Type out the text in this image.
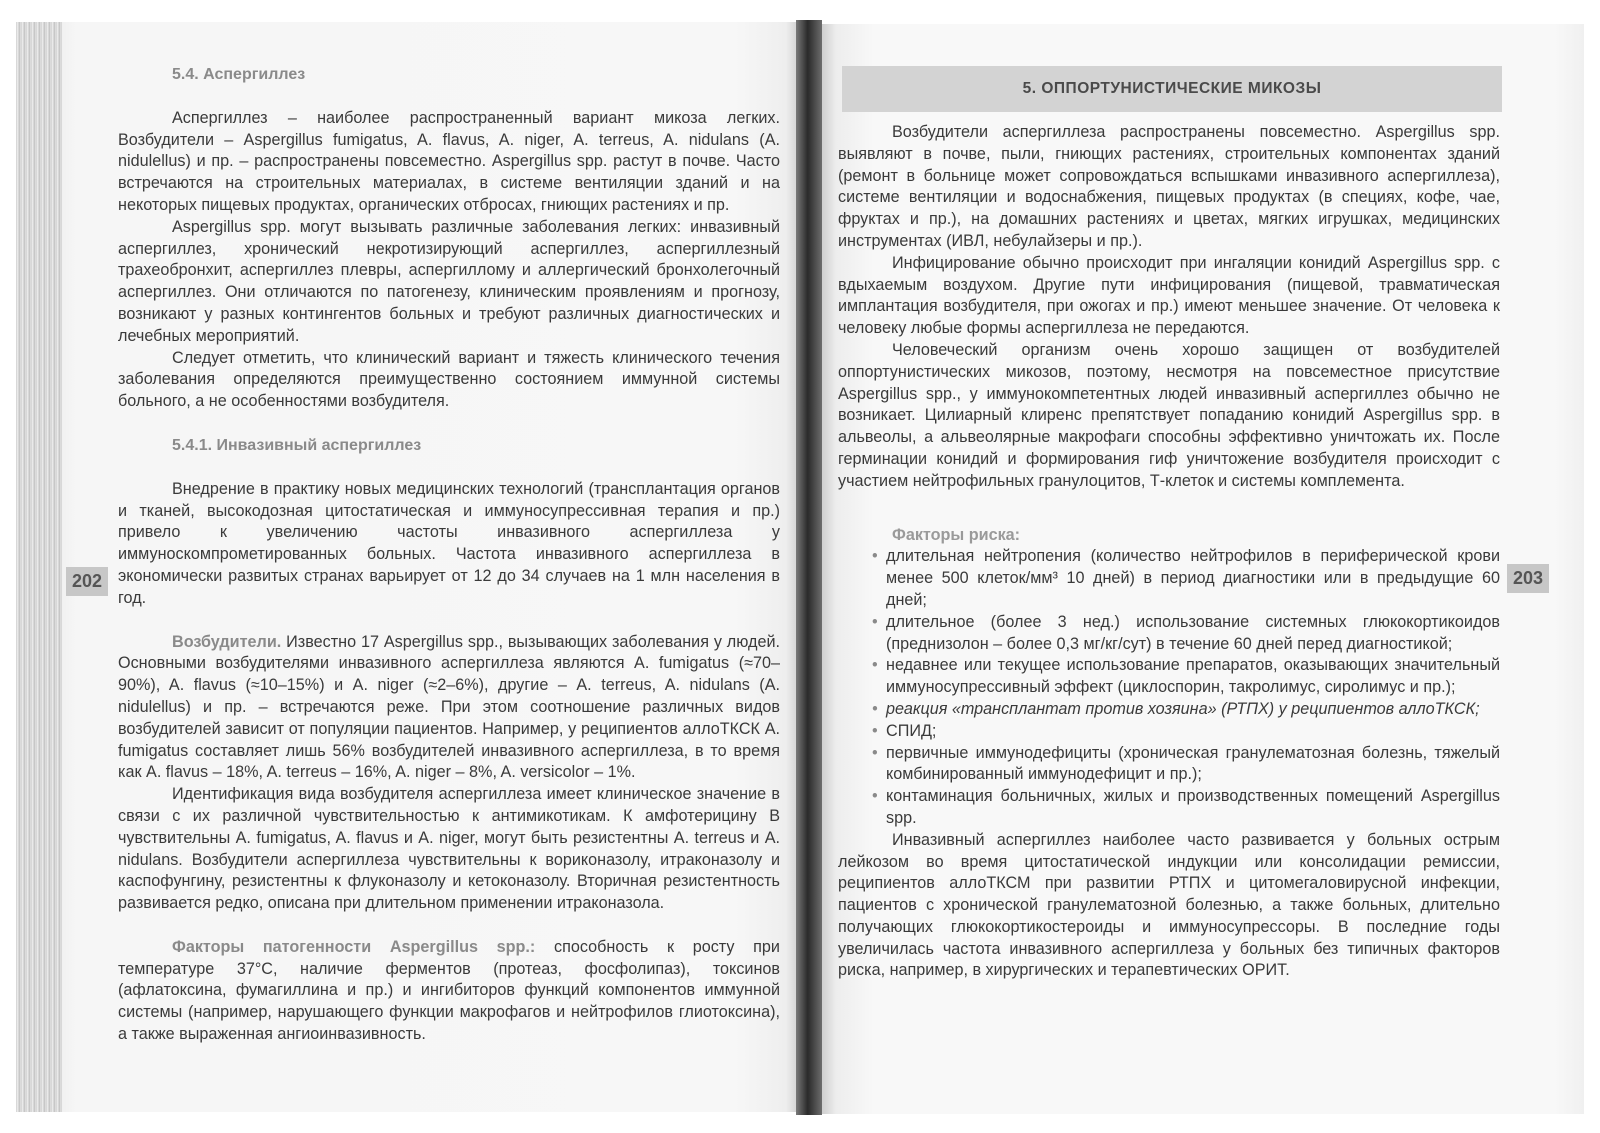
202	203
5.4. Аспергиллез

Аспергиллез – наиболее распространенный вариант микоза легких. Возбудители – Aspergillus fumigatus, A. flavus, A. niger, A. terreus, A. nidulans (A. nidulellus) и пр. – распространены повсеместно. Aspergillus spp. растут в почве. Часто встречаются на строительных материалах, в системе вентиляции зданий и на некоторых пищевых продуктах, органических отбросах, гниющих растениях и пр.

Aspergillus spp. могут вызывать различные заболевания легких: инвазивный аспергиллез, хронический некротизирующий аспергиллез, аспергиллезный трахеобронхит, аспергиллез плевры, аспергиллому и аллергический бронхолегочный аспергиллез. Они отличаются по патогенезу, клиническим проявлениям и прогнозу, возникают у разных контингентов больных и требуют различных диагностических и лечебных мероприятий.

Следует отметить, что клинический вариант и тяжесть клинического течения заболевания определяются преимущественно состоянием иммунной системы больного, а не особенностями возбудителя.

5.4.1. Инвазивный аспергиллез

Внедрение в практику новых медицинских технологий (трансплантация органов и тканей, высокодозная цитостатическая и иммуносупрессивная терапия и пр.) привело к увеличению частоты инвазивного аспергиллеза у иммуноскомпрометированных больных. Частота инвазивного аспергиллеза в экономически развитых странах варьирует от 12 до 34 случаев на 1 млн населения в год.

Возбудители. Известно 17 Aspergillus spp., вызывающих заболевания у людей. Основными возбудителями инвазивного аспергиллеза являются A. fumigatus (≈70–90%), A. flavus (≈10–15%) и A. niger (≈2–6%), другие – A. terreus, A. nidulans (A. nidulellus) и пр. – встречаются реже. При этом соотношение различных видов возбудителей зависит от популяции пациентов. Например, у реципиентов аллоТКСК A. fumigatus составляет лишь 56% возбудителей инвазивного аспергиллеза, в то время как A. flavus – 18%, A. terreus – 16%, A. niger – 8%, A. versicolor – 1%.

Идентификация вида возбудителя аспергиллеза имеет клиническое значение в связи с их различной чувствительностью к антимикотикам. К амфотерицину В чувствительны A. fumigatus, A. flavus и A. niger, могут быть резистентны A. terreus и A. nidulans. Возбудители аспергиллеза чувствительны к вориконазолу, итраконазолу и каспофунгину, резистентны к флуконазолу и кетоконазолу. Вторичная резистентность развивается редко, описана при длительном применении итраконазола.

Факторы патогенности Aspergillus spp.: способность к росту при температуре 37°С, наличие ферментов (протеаз, фосфолипаз), токсинов (афлатоксина, фумагиллина и пр.) и ингибиторов функций компонентов иммунной системы (например, нарушающего функции макрофагов и нейтрофилов глиотоксина), а также выраженная ангиоинвазивность.

5. ОППОРТУНИСТИЧЕСКИЕ МИКОЗЫ

Возбудители аспергиллеза распространены повсеместно. Aspergillus spp. выявляют в почве, пыли, гниющих растениях, строительных компонентах зданий (ремонт в больнице может сопровождаться вспышками инвазивного аспергиллеза), системе вентиляции и водоснабжения, пищевых продуктах (в специях, кофе, чае, фруктах и пр.), на домашних растениях и цветах, мягких игрушках, медицинских инструментах (ИВЛ, небулайзеры и пр.).

Инфицирование обычно происходит при ингаляции конидий Aspergillus spp. с вдыхаемым воздухом. Другие пути инфицирования (пищевой, травматическая имплантация возбудителя, при ожогах и пр.) имеют меньшее значение. От человека к человеку любые формы аспергиллеза не передаются.

Человеческий организм очень хорошо защищен от возбудителей оппортунистических микозов, поэтому, несмотря на повсеместное присутствие Aspergillus spp., у иммунокомпетентных людей инвазивный аспергиллез обычно не возникает. Цилиарный клиренс препятствует попаданию конидий Aspergillus spp. в альвеолы, а альвеолярные макрофаги способны эффективно уничтожать их. После герминации конидий и формирования гиф уничтожение возбудителя происходит с участием нейтрофильных гранулоцитов, Т-клеток и системы комплемента.

Факторы риска:
• длительная нейтропения (количество нейтрофилов в периферической крови менее 500 клеток/мм³ 10 дней) в период диагностики или в предыдущие 60 дней;
• длительное (более 3 нед.) использование системных глюкокортикоидов (преднизолон – более 0,3 мг/кг/сут) в течение 60 дней перед диагностикой;
• недавнее или текущее использование препаратов, оказывающих значительный иммуносупрессивный эффект (циклоспорин, такролимус, сиролимус и пр.);
• реакция «трансплантат против хозяина» (РТПХ) у реципиентов аллоТКСК;
• СПИД;
• первичные иммунодефициты (хроническая гранулематозная болезнь, тяжелый комбинированный иммунодефицит и пр.);
• контаминация больничных, жилых и производственных помещений Aspergillus spp.

Инвазивный аспергиллез наиболее часто развивается у больных острым лейкозом во время цитостатической индукции или консолидации ремиссии, реципиентов аллоТКСМ при развитии РТПХ и цитомегаловирусной инфекции, пациентов с хронической гранулематозной болезнью, а также больных, длительно получающих глюкокортикостероиды и иммуносупрессоры. В последние годы увеличилась частота инвазивного аспергиллеза у больных без типичных факторов риска, например, в хирургических и терапевтических ОРИТ.
